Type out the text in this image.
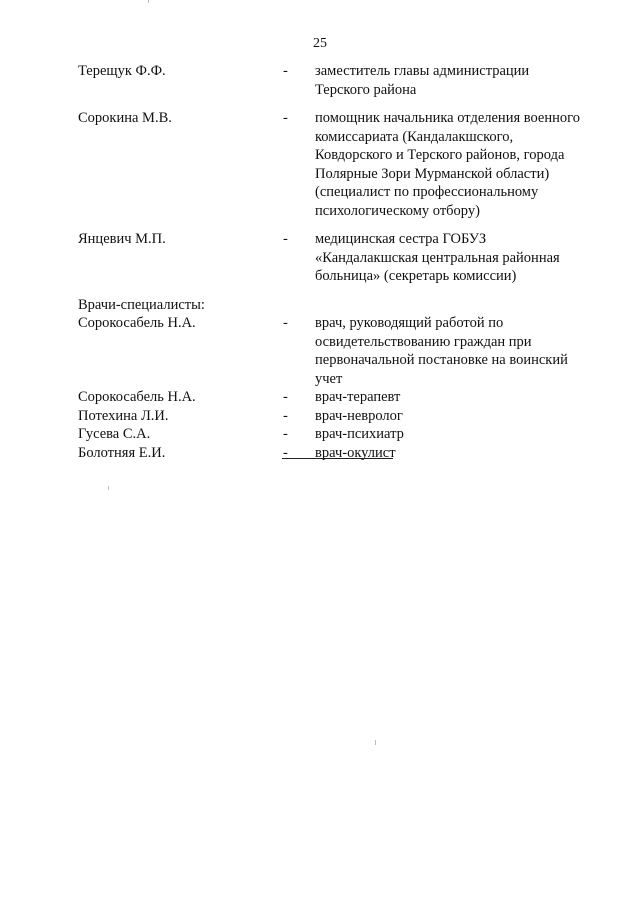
25
Терещук Ф.Ф.	-	заместитель главы администрации
Терского района
Сорокина М.В.	-	помощник начальника отделения военного
комиссариата (Кандалакшского,
Ковдорского и Терского районов, города
Полярные Зори Мурманской области)
(специалист по профессиональному
психологическому отбору)
Янцевич М.П.	-	медицинская сестра ГОБУЗ
«Кандалакшская центральная районная
больница» (секретарь комиссии)
Врачи-специалисты:
Сорокосабель Н.А.	-	врач, руководящий работой по
освидетельствованию граждан при
первоначальной постановке на воинский
учет
Сорокосабель Н.А.	-	врач-терапевт
Потехина Л.И.	-	врач-невролог
Гусева С.А.	-	врач-психиатр
Болотняя Е.И.	-	врач-окулист
